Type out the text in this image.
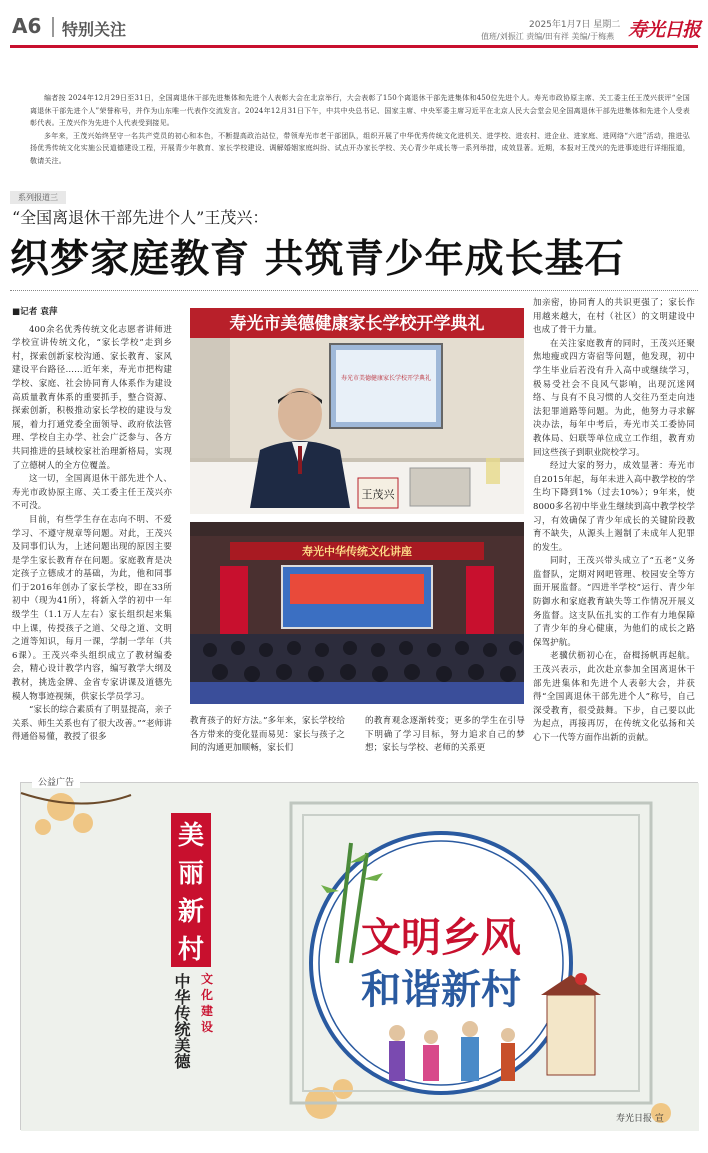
A6 特别关注	2025年1月7日 星期二
值班/刘振江 责编/田有祥 美编/于梅燕 寿光日报

编者按 2024年12月29日至31日，全国离退休干部先进集体和先进个人表彰大会在北京举行，大会表彰了150个离退休干部先进集体和450位先进个人。寿光市政协原主席、关工委主任王茂兴获评“全国离退休干部先进个人”荣誉称号，并作为山东唯一代表作交流发言。2024年12月31日下午，中共中央总书记、国家主席、中央军委主席习近平在北京人民大会堂会见全国离退休干部先进集体和先进个人受表彰代表。王茂兴作为先进个人代表受到接见。

多年来，王茂兴始终坚守一名共产党员的初心和本色，不断提高政治站位，带领寿光市老干部团队，组织开展了中华优秀传统文化进机关、进学校、进农村、进企业、进家庭、进网络“六进”活动，推进弘扬优秀传统文化实施公民道德建设工程，开展青少年教育、家长学校建设、调解婚姻家庭纠纷、试点开办家长学校、关心青少年成长等一系列举措，成效显著。近期，本报对王茂兴的先进事迹进行详细报道，敬请关注。

系列报道三
“全国离退休干部先进个人”王茂兴：
织梦家庭教育 共筑青少年成长基石

■记者 袁萍

400余名优秀传统文化志愿者讲师进学校宣讲传统文化，“家长学校”走到乡村，探索创新家校沟通、家长教育、家风建设平台路径……近年来，寿光市把构建学校、家庭、社会协同育人体系作为建设高质量教育体系的重要抓手，整合资源、探索创新，积极推动家长学校的建设与发展，着力打通党委全面领导、政府依法管理、学校自主办学、社会广泛参与、各方共同推进的县域校家社治理新格局，实现了立德树人的全方位覆盖。

这一切，全国离退休干部先进个人、寿光市政协原主席、关工委主任王茂兴亦不可没。

目前，有些学生存在志向不明、不爱学习、不遵守规章等问题。对此，王茂兴及同事们认为，上述问题出现的原因主要是学生家长教育存在问题。家庭教育是决定孩子立德成才的基础，为此，他和同事们于2016年创办了家长学校，即在33所初中（现为41所），将新入学的初中一年级学生（1.1万人左右）家长组织起来集中上课，传授孩子之道、父母之道、文明之道等知识，每月一课，学制一学年（共6课）。王茂兴牵头组织成立了教材编委会，精心设计教学内容，编写教学大纲及教材，挑选金牌、金省专家讲课及道德先模人物事迹视频，供家长学员学习。

“家长的综合素质有了明显提高，亲子关系、师生关系也有了很大改善。”“老师讲得通俗易懂，教授了很多

寿光市美德健康家长学校开学典礼
寿光市美德健康家长学校开学典礼
王茂兴
寿光中华传统文化讲座

教育孩子的好方法。”多年来，家长学校给各方带来的变化显而易见：家长与孩子之间的沟通更加顺畅，家长们

的教育观念逐渐转变；更多的学生在引导下明确了学习目标，努力追求自己的梦想；家长与学校、老师的关系更

加亲密，协同育人的共识更强了；家长作用越来越大，在村（社区）的文明建设中也成了骨干力量。

在关注家庭教育的同时，王茂兴还聚焦地瘦或四方寄宿等问题，他发现，初中学生毕业后若没有升入高中或继续学习，极易受社会不良风气影响，出现沉迷网络、与良有不良习惯的人交往乃至走向违法犯罪道路等问题。为此，他努力寻求解决办法，每年中考后，寿光市关工委协同教体局、妇联等单位成立工作组，教育劝回这些孩子到职业院校学习。

经过大家的努力，成效显著：寿光市自2015年起，每年未进入高中教学校的学生均下降到1%（过去10%）；9年来，使8000多名初中毕业生继续到高中教学校学习，有效确保了青少年成长的关键阶段教育不缺失，从源头上遏制了未成年人犯罪的发生。

同时，王茂兴带头成立了“五老”义务监督队，定期对网吧管理、校园安全等方面开展监督。“四进半学校”运行、青少年防御水和家庭教育缺失等工作情况开展义务监督。这支队伍扎实的工作有力地保障了青少年的身心健康，为他们的成长之路保驾护航。

老骥伏枥初心在，奋楫扬帆再起航。王茂兴表示，此次赴京参加全国离退休干部先进集体和先进个人表彰大会，并获得“全国离退休干部先进个人”称号，自己深受教育，很受鼓舞。下步，自己要以此为起点，再接再厉，在传统文化弘扬和关心下一代等方面作出新的贡献。

文明乡风
和谐新村
美
丽
新
村
文
化
建
设
中华传统美德
公益广告
寿光日报 宣
